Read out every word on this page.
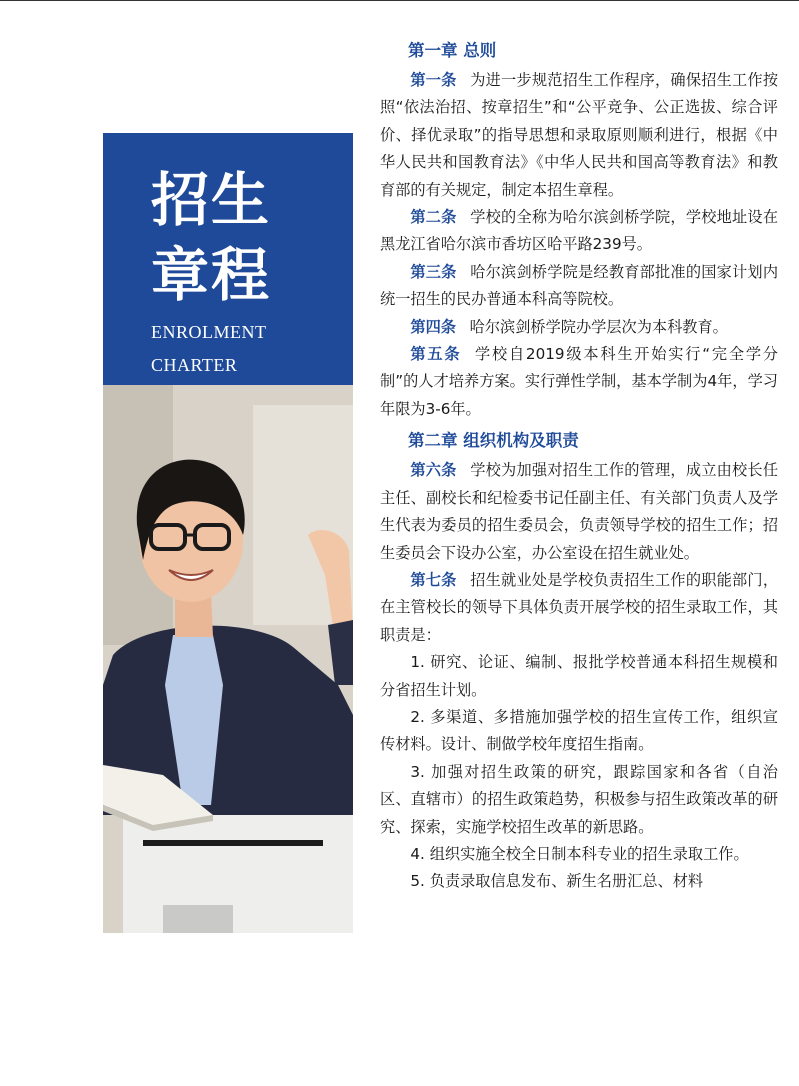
招生
章程
ENROLMENT
CHARTER
第一章 总则

第一条 为进一步规范招生工作程序，确保招生工作按照“依法治招、按章招生”和“公平竞争、公正选拔、综合评价、择优录取”的指导思想和录取原则顺利进行，根据《中华人民共和国教育法》《中华人民共和国高等教育法》和教育部的有关规定，制定本招生章程。

第二条 学校的全称为哈尔滨剑桥学院，学校地址设在黑龙江省哈尔滨市香坊区哈平路239号。

第三条 哈尔滨剑桥学院是经教育部批准的国家计划内统一招生的民办普通本科高等院校。

第四条 哈尔滨剑桥学院办学层次为本科教育。

第五条 学校自2019级本科生开始实行“完全学分制”的人才培养方案。实行弹性学制，基本学制为4年，学习年限为3-6年。

第二章 组织机构及职责

第六条 学校为加强对招生工作的管理，成立由校长任主任、副校长和纪检委书记任副主任、有关部门负责人及学生代表为委员的招生委员会，负责领导学校的招生工作；招生委员会下设办公室，办公室设在招生就业处。

第七条 招生就业处是学校负责招生工作的职能部门，在主管校长的领导下具体负责开展学校的招生录取工作，其职责是：

1. 研究、论证、编制、报批学校普通本科招生规模和分省招生计划。

2. 多渠道、多措施加强学校的招生宣传工作，组织宣传材料。设计、制做学校年度招生指南。

3. 加强对招生政策的研究，跟踪国家和各省（自治区、直辖市）的招生政策趋势，积极参与招生政策改革的研究、探索，实施学校招生改革的新思路。

4. 组织实施全校全日制本科专业的招生录取工作。

5. 负责录取信息发布、新生名册汇总、材料
